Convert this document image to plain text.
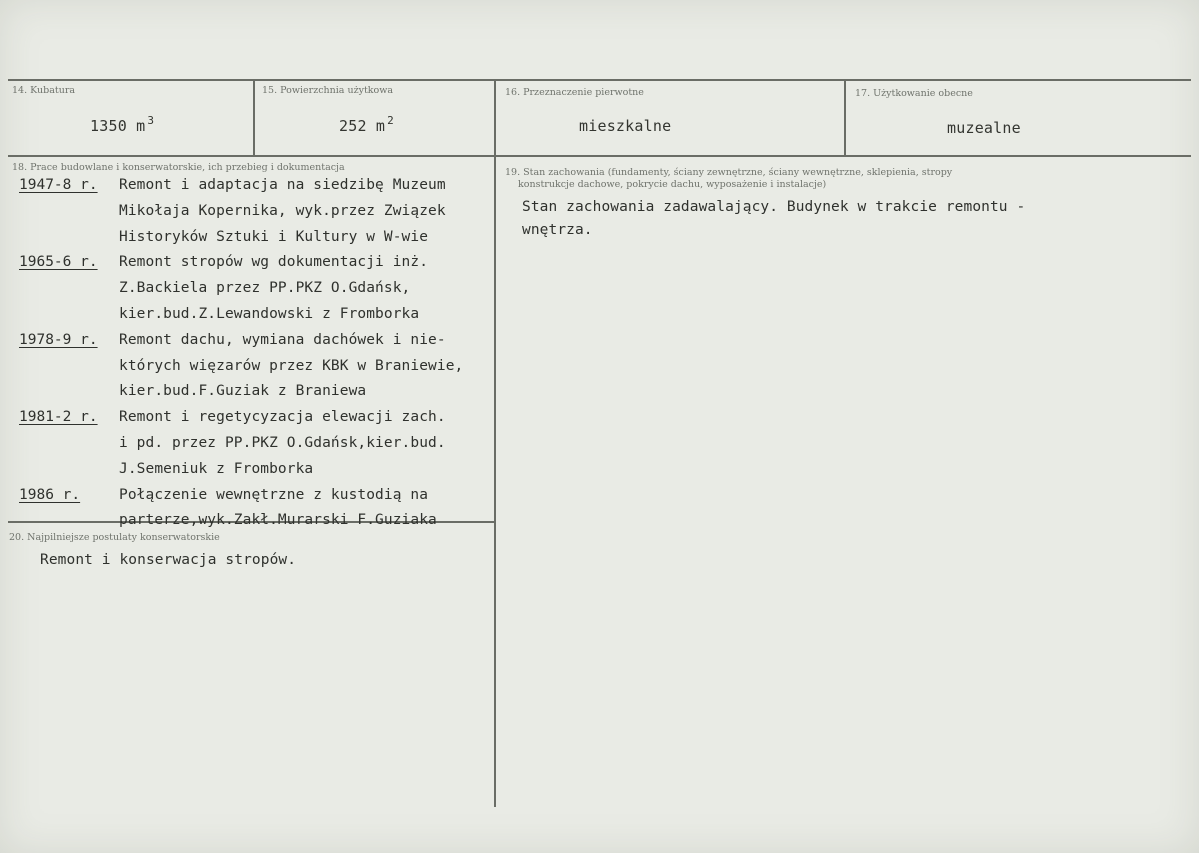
14. Kubatura
1350 m $^3$
15. Powierzchnia użytkowa
252 m $^2$
16. Przeznaczenie pierwotne
mieszkalne
17. Użytkowanie obecne
muzealne
18. Prace budowlane i konserwatorskie, ich przebieg i dokumentacja
1947-8 r. Remont i adaptacja na siedzibę Muzeum
Mikołaja Kopernika, wyk.przez Związek
Historyków Sztuki i Kultury w W-wie
1965-6 r. Remont stropów wg dokumentacji inż.
Z.Backiela przez PP.PKZ O.Gdańsk,
kier.bud.Z.Lewandowski z Fromborka
1978-9 r. Remont dachu, wymiana dachówek i nie-
których więzarów przez KBK w Braniewie,
kier.bud.F.Guziak z Braniewa
1981-2 r. Remont i regetycyzacja elewacji zach.
i pd. przez PP.PKZ O.Gdańsk,kier.bud.
J.Semeniuk z Fromborka
1986 r.	Połączenie wewnętrzne z kustodią na
parterze,wyk.Zakł.Murarski F.Guziaka
19. Stan zachowania (fundamenty, ściany zewnętrzne, ściany wewnętrzne, sklepienia, stropy
konstrukcje dachowe, pokrycie dachu, wyposażenie i instalacje)
Stan zachowania zadawalający. Budynek w trakcie remontu -
wnętrza.
20. Najpilniejsze postulaty konserwatorskie
Remont i konserwacja stropów.
